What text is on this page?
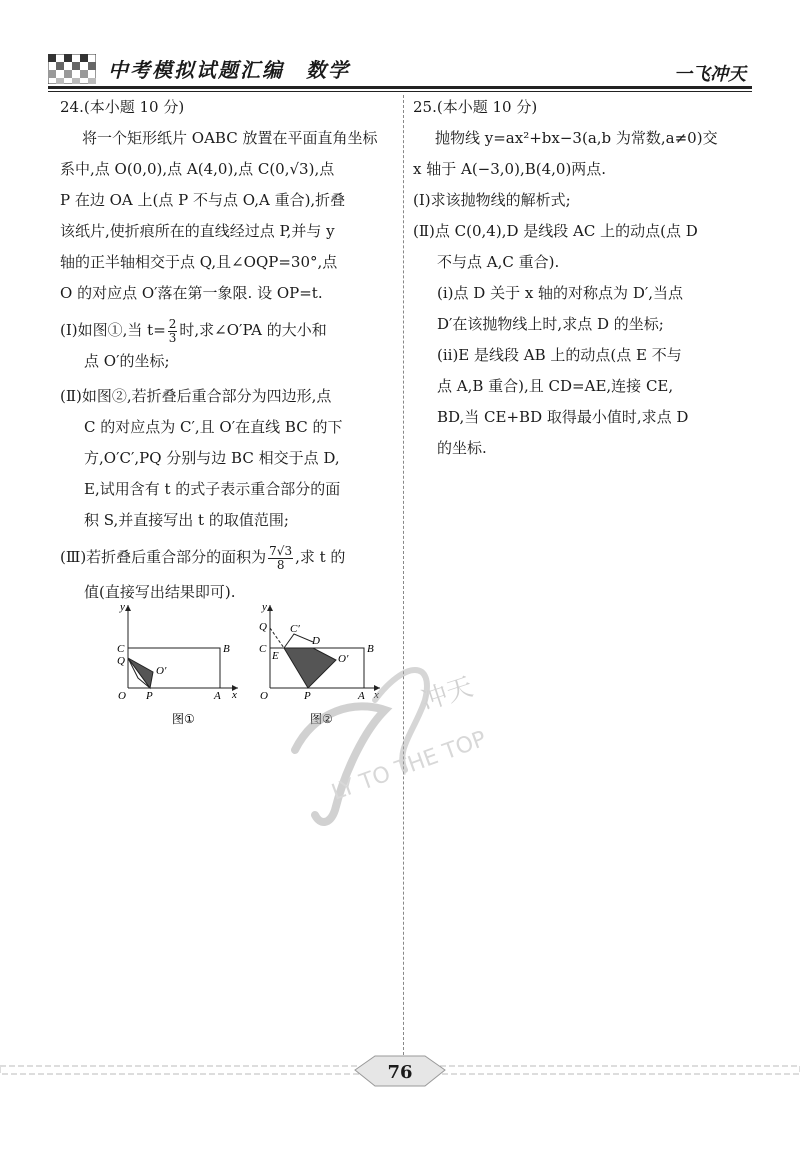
中考模拟试题汇编　数学	一飞冲天

24.(本小题 10 分)

将一个矩形纸片 OABC 放置在平面直角坐标

系中,点 O(0,0),点 A(4,0),点 C(0,√3),点

P 在边 OA 上(点 P 不与点 O,A 重合),折叠

该纸片,使折痕所在的直线经过点 P,并与 y

轴的正半轴相交于点 Q,且∠OQP=30°,点

O 的对应点 O′落在第一象限. 设 OP=t.

(Ⅰ)如图①,当 $t= \frac{2}{3}$ 时,求∠O′PA 的大小和

点 O′的坐标;

(Ⅱ)如图②,若折叠后重合部分为四边形,点

C 的对应点为 C′,且 O′在直线 BC 的下

方,O′C′,PQ 分别与边 BC 相交于点 D,

E,试用含有 t 的式子表示重合部分的面

积 S,并直接写出 t 的取值范围;

(Ⅲ)若折叠后重合部分的面积为 $\frac{7√3}{8}$ ,求 t 的

值(直接写出结果即可).

y
x
C	B
Q
O′
O P	A
图①
y
x
Q C′
C
D
E	O′
B
O	P	A
图②

25.(本小题 10 分)

抛物线 y=ax²+bx−3(a,b 为常数,a≠0)交

x 轴于 A(−3,0),B(4,0)两点.

(Ⅰ)求该抛物线的解析式;

(Ⅱ)点 C(0,4),D 是线段 AC 上的动点(点 D

不与点 A,C 重合).

(ⅰ)点 D 关于 x 轴的对称点为 D′,当点

D′在该抛物线上时,求点 D 的坐标;

(ⅱ)E 是线段 AB 上的动点(点 E 不与

点 A,B 重合),且 CD=AE,连接 CE,

BD,当 CE+BD 取得最小值时,求点 D

的坐标.

冲天
LY TO THE TOP
76
